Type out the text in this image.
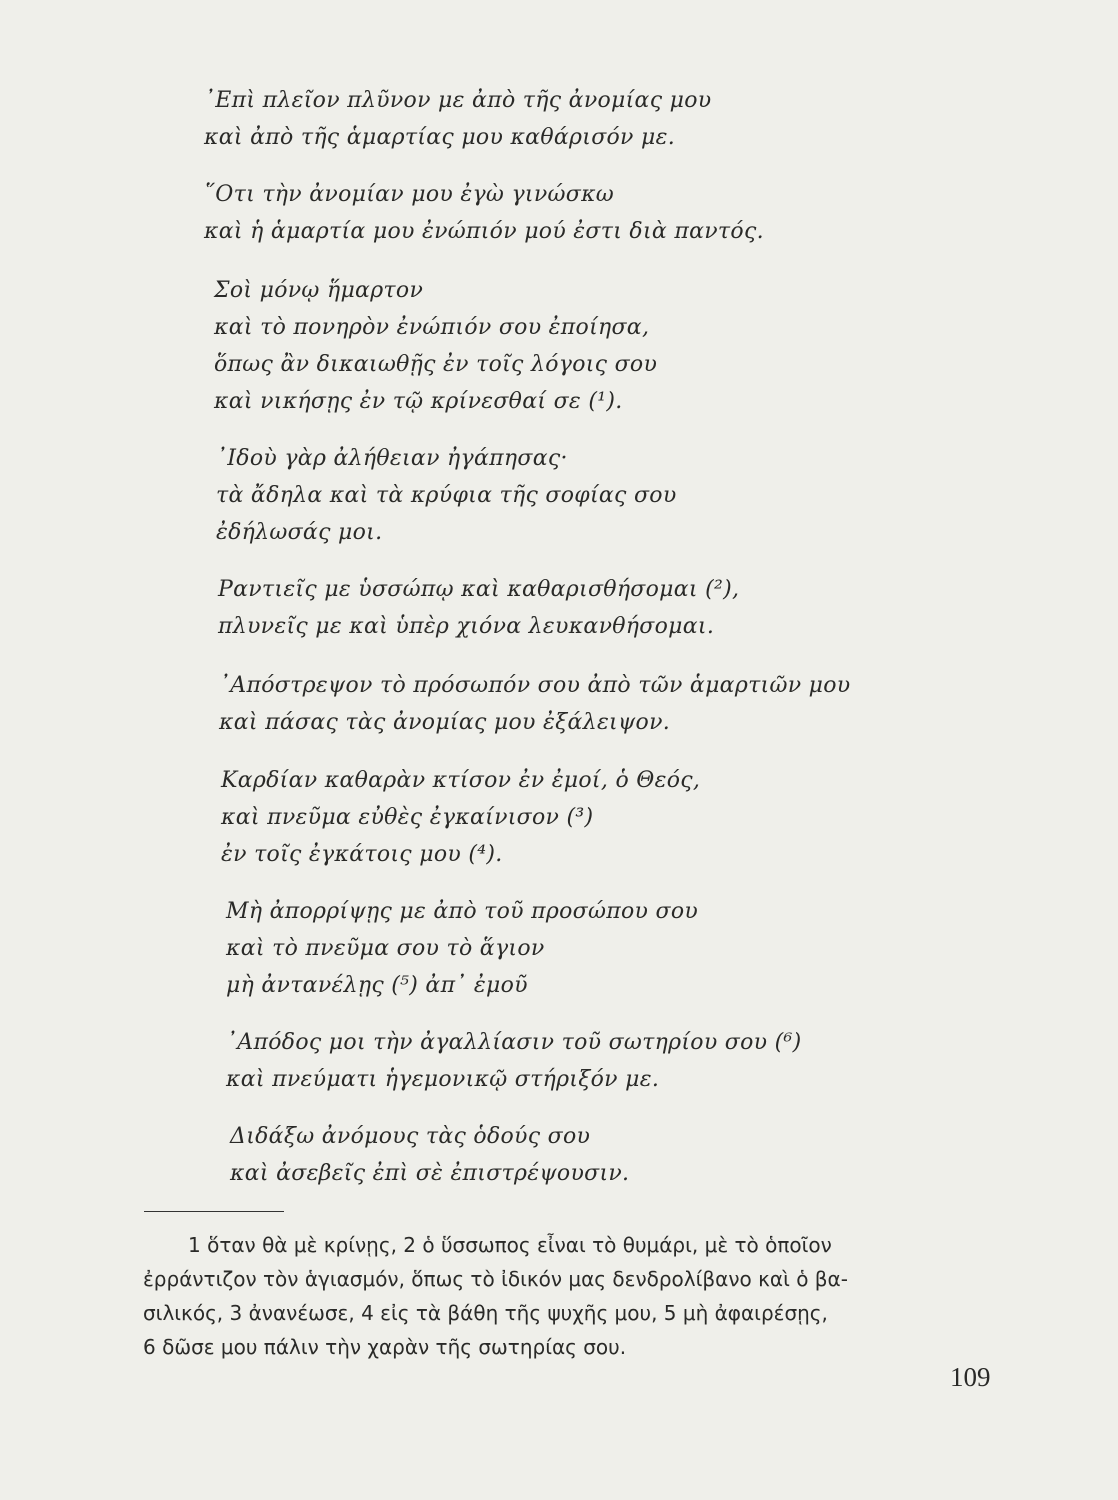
᾿Επὶ πλεῖον πλῦνον με ἀπὸ τῆς ἀνομίας μου
καὶ ἀπὸ τῆς ἁμαρτίας μου καθάρισόν με.
῞Οτι τὴν ἀνομίαν μου ἐγὼ γινώσκω
καὶ ἡ ἁμαρτία μου ἐνώπιόν μού ἐστι διὰ παντός.
Σοὶ μόνῳ ἥμαρτον
καὶ τὸ πονηρὸν ἐνώπιόν σου ἐποίησα,
ὅπως ἂν δικαιωθῇς ἐν τοῖς λόγοις σου
καὶ νικήσῃς ἐν τῷ κρίνεσθαί σε (¹).
᾿Ιδοὺ γὰρ ἀλήθειαν ἠγάπησας·
τὰ ἄδηλα καὶ τὰ κρύφια τῆς σοφίας σου
ἐδήλωσάς μοι.
Ραντιεῖς με ὑσσώπῳ καὶ καθαρισθήσομαι (²),
πλυνεῖς με καὶ ὑπὲρ χιόνα λευκανθήσομαι.
᾿Απόστρεψον τὸ πρόσωπόν σου ἀπὸ τῶν ἁμαρτιῶν μου
καὶ πάσας τὰς ἀνομίας μου ἐξάλειψον.
Καρδίαν καθαρὰν κτίσον ἐν ἐμοί, ὁ Θεός,
καὶ πνεῦμα εὐθὲς ἐγκαίνισον (³)
ἐν τοῖς ἐγκάτοις μου (⁴).
Μὴ ἀπορρίψῃς με ἀπὸ τοῦ προσώπου σου
καὶ τὸ πνεῦμα σου τὸ ἅγιον
μὴ ἀντανέλῃς (⁵) ἀπ᾿ ἐμοῦ
᾿Απόδος μοι τὴν ἀγαλλίασιν τοῦ σωτηρίου σου (⁶)
καὶ πνεύματι ἡγεμονικῷ στήριξόν με.
Διδάξω ἀνόμους τὰς ὁδούς σου
καὶ ἀσεβεῖς ἐπὶ σὲ ἐπιστρέψουσιν.
1 ὅταν θὰ μὲ κρίνῃς, 2 ὁ ὕσσωπος εἶναι τὸ θυμάρι, μὲ τὸ ὁποῖον
ἐρράντιζον τὸν ἁγιασμόν, ὅπως τὸ ἰδικόν μας δενδρολίβανο καὶ ὁ βα-
σιλικός, 3 ἀνανέωσε, 4 εἰς τὰ βάθη τῆς ψυχῆς μου, 5 μὴ ἀφαιρέσῃς,
6 δῶσε μου πάλιν τὴν χαρὰν τῆς σωτηρίας σου.
109
